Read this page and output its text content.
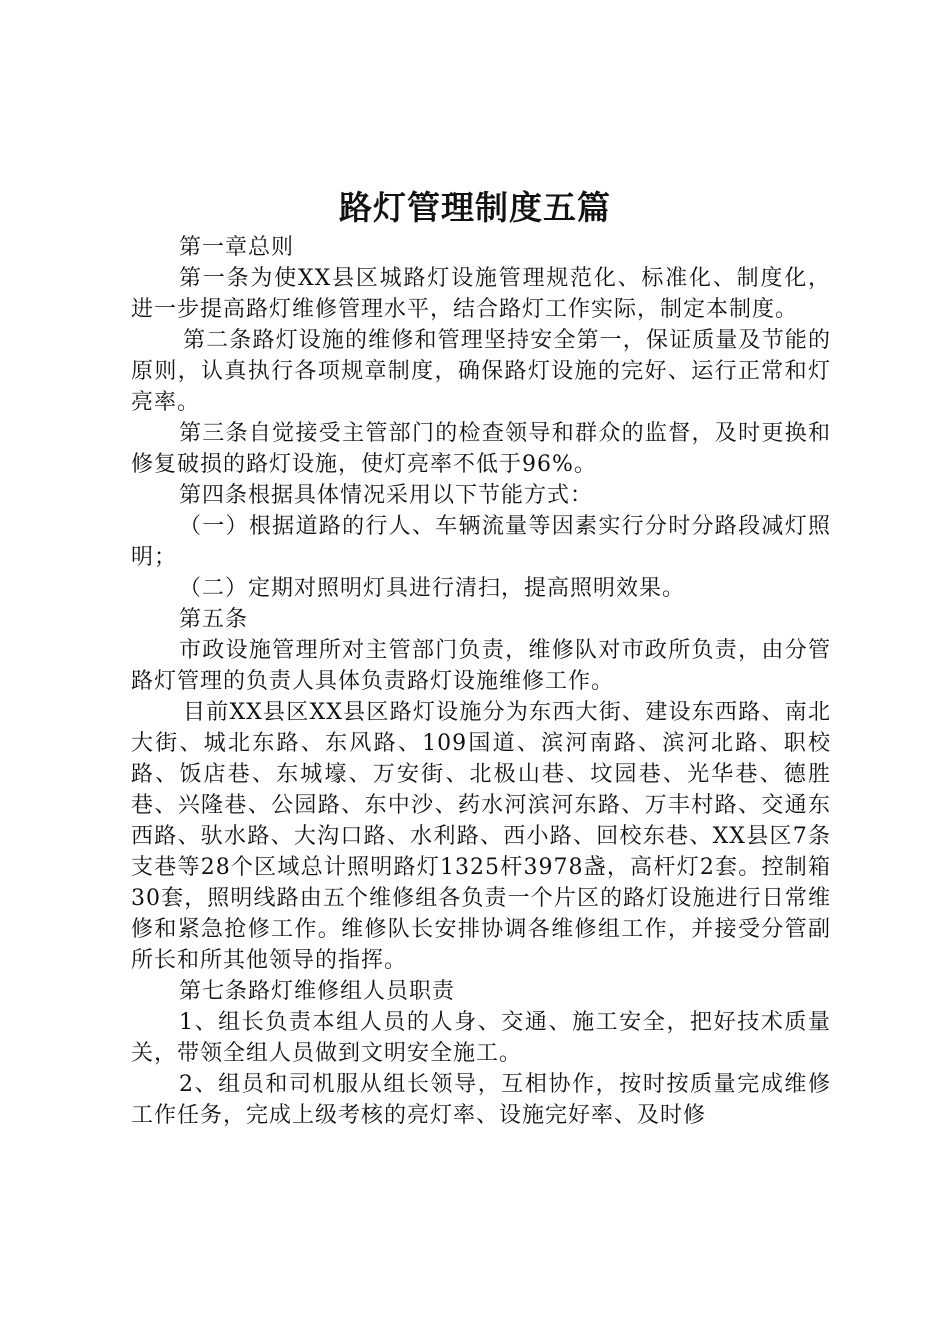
路灯管理制度五篇

第一章总则

第一条为使XX县区城路灯设施管理规范化、标准化、制度化，进一步提高路灯维修管理水平，结合路灯工作实际，制定本制度。

第二条路灯设施的维修和管理坚持安全第一，保证质量及节能的原则，认真执行各项规章制度，确保路灯设施的完好、运行正常和灯亮率。

第三条自觉接受主管部门的检查领导和群众的监督，及时更换和修复破损的路灯设施，使灯亮率不低于96%。

第四条根据具体情况采用以下节能方式：

（一）根据道路的行人、车辆流量等因素实行分时分路段减灯照明；

（二）定期对照明灯具进行清扫，提高照明效果。

第五条

市政设施管理所对主管部门负责，维修队对市政所负责，由分管路灯管理的负责人具体负责路灯设施维修工作。

目前XX县区XX县区路灯设施分为东西大街、建设东西路、南北大街、城北东路、东风路、109国道、滨河南路、滨河北路、职校路、饭店巷、东城壕、万安街、北极山巷、坟园巷、光华巷、德胜巷、兴隆巷、公园路、东中沙、药水河滨河东路、万丰村路、交通东西路、驮水路、大沟口路、水利路、西小路、回校东巷、XX县区7条支巷等28个区域总计照明路灯1325杆3978盏，高杆灯2套。控制箱30套，照明线路由五个维修组各负责一个片区的路灯设施进行日常维修和紧急抢修工作。维修队长安排协调各维修组工作，并接受分管副所长和所其他领导的指挥。

第七条路灯维修组人员职责

1、组长负责本组人员的人身、交通、施工安全，把好技术质量关，带领全组人员做到文明安全施工。

2、组员和司机服从组长领导，互相协作，按时按质量完成维修工作任务，完成上级考核的亮灯率、设施完好率、及时修
